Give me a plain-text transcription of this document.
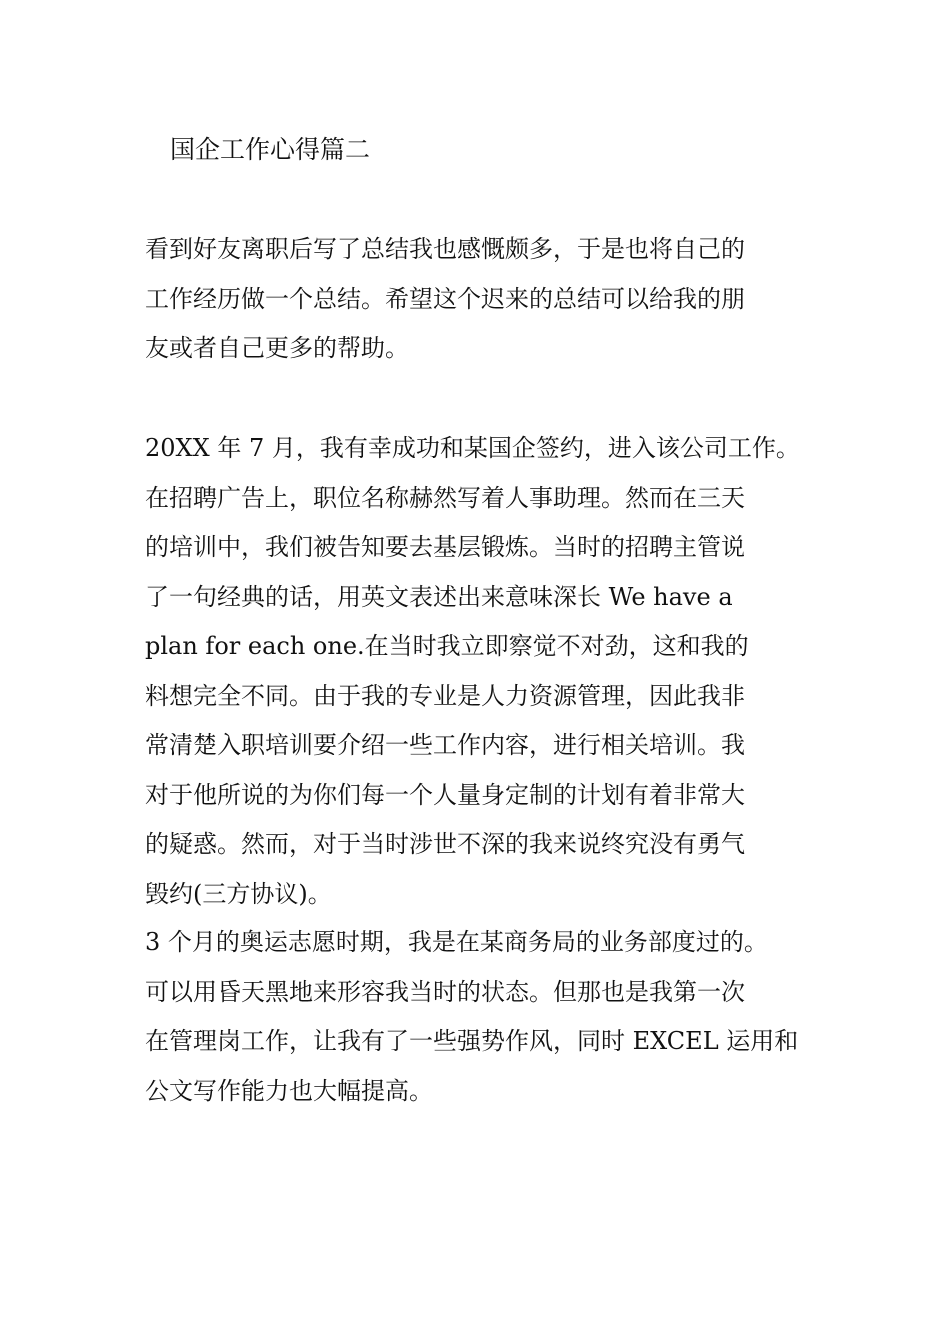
国企工作心得篇二
看到好友离职后写了总结我也感慨颇多，于是也将自己的
工作经历做一个总结。希望这个迟来的总结可以给我的朋
友或者自己更多的帮助。
20XX 年 7 月，我有幸成功和某国企签约，进入该公司工作。
在招聘广告上，职位名称赫然写着人事助理。然而在三天
的培训中，我们被告知要去基层锻炼。当时的招聘主管说
了一句经典的话，用英文表述出来意味深长 We have a
plan for each one.在当时我立即察觉不对劲，这和我的
料想完全不同。由于我的专业是人力资源管理，因此我非
常清楚入职培训要介绍一些工作内容，进行相关培训。我
对于他所说的为你们每一个人量身定制的计划有着非常大
的疑惑。然而，对于当时涉世不深的我来说终究没有勇气
毁约(三方协议)。
3 个月的奥运志愿时期，我是在某商务局的业务部度过的。
可以用昏天黑地来形容我当时的状态。但那也是我第一次
在管理岗工作，让我有了一些强势作风，同时 EXCEL 运用和
公文写作能力也大幅提高。
